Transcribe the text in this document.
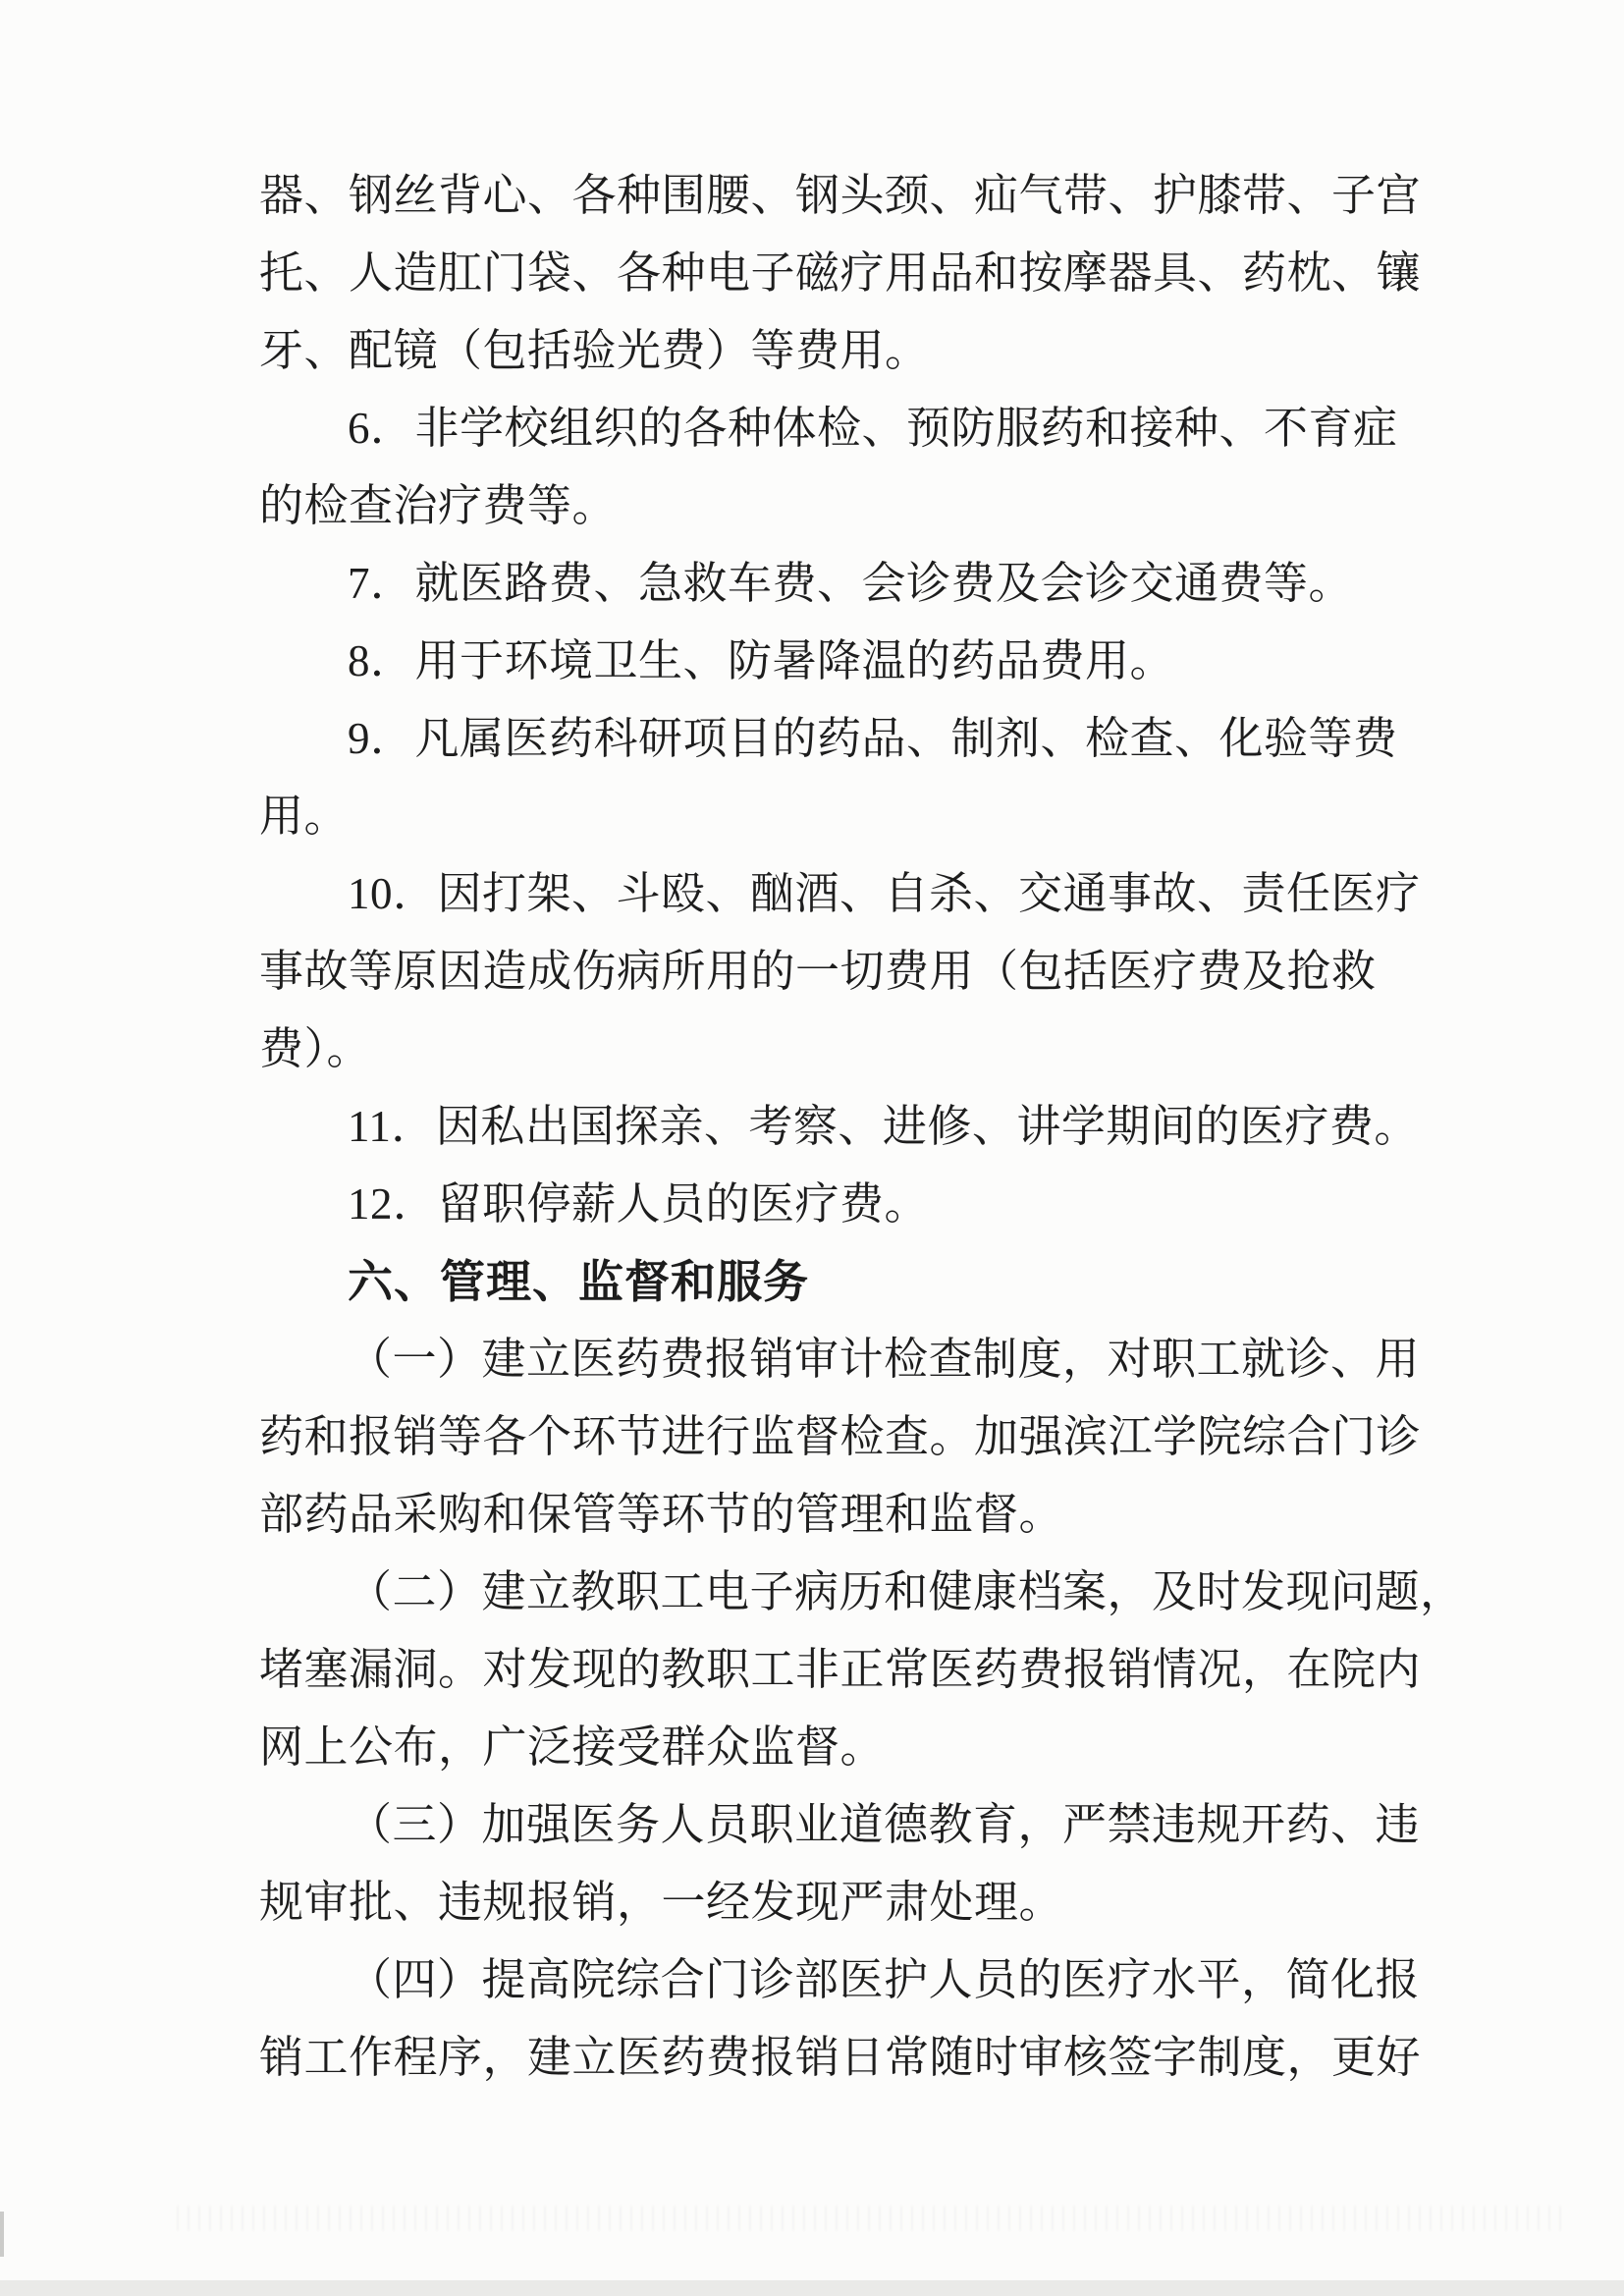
器、钢丝背心、各种围腰、钢头颈、疝气带、护膝带、子宫
托、人造肛门袋、各种电子磁疗用品和按摩器具、药枕、镶
牙、配镜（包括验光费）等费用。
6．非学校组织的各种体检、预防服药和接种、不育症
的检查治疗费等。
7．就医路费、急救车费、会诊费及会诊交通费等。
8．用于环境卫生、防暑降温的药品费用。
9．凡属医药科研项目的药品、制剂、检查、化验等费
用。
10．因打架、斗殴、酗酒、自杀、交通事故、责任医疗
事故等原因造成伤病所用的一切费用（包括医疗费及抢救
费）。
11．因私出国探亲、考察、进修、讲学期间的医疗费。
12．留职停薪人员的医疗费。
六、管理、监督和服务
（一）建立医药费报销审计检查制度，对职工就诊、用
药和报销等各个环节进行监督检查。加强滨江学院综合门诊
部药品采购和保管等环节的管理和监督。
（二）建立教职工电子病历和健康档案，及时发现问题，
堵塞漏洞。对发现的教职工非正常医药费报销情况，在院内
网上公布，广泛接受群众监督。
（三）加强医务人员职业道德教育，严禁违规开药、违
规审批、违规报销，一经发现严肃处理。
（四）提高院综合门诊部医护人员的医疗水平，简化报
销工作程序，建立医药费报销日常随时审核签字制度，更好
